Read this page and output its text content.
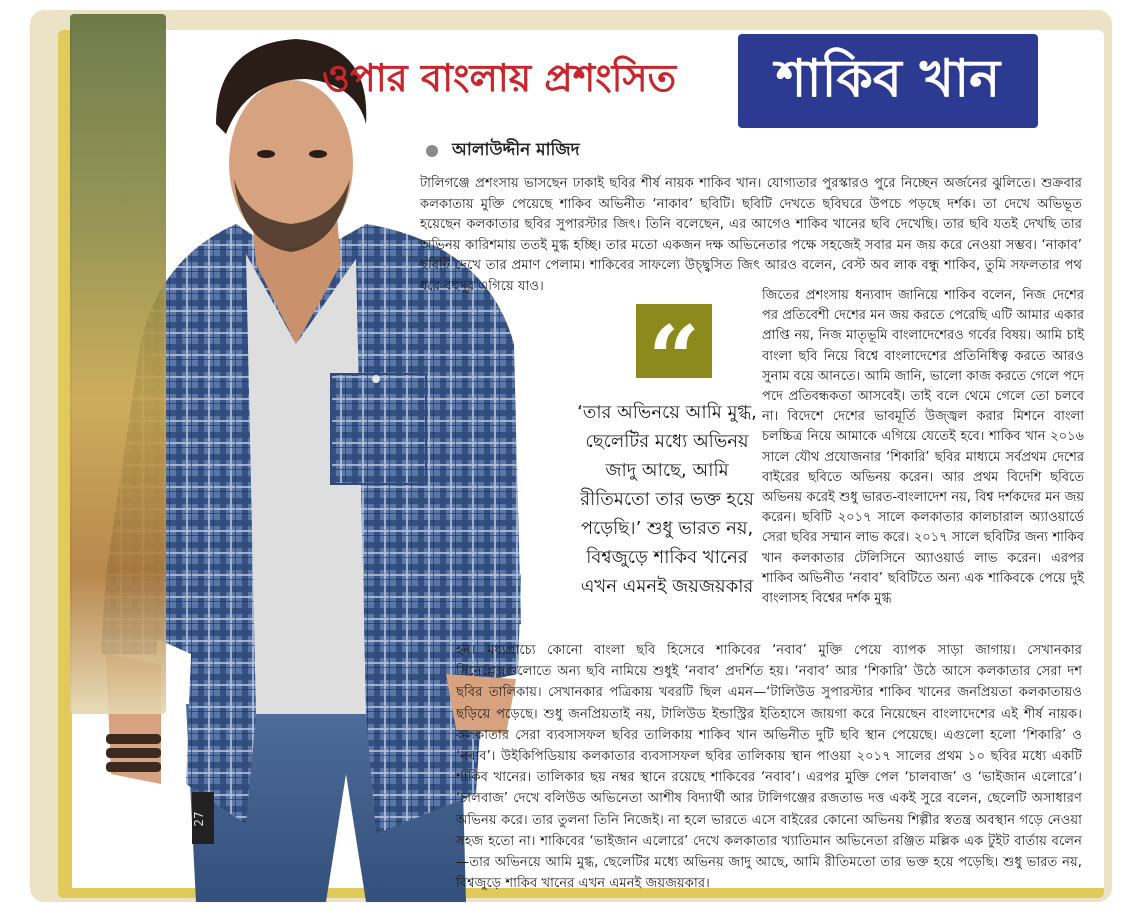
27
ওপার বাংলায় প্রশংসিত	শাকিব খান
আলাউদ্দীন মাজিদ
টালিগঞ্জে প্রশংসায় ভাসছেন ঢাকাই ছবির শীর্ষ নায়ক শাকিব খান। যোগ্যতার পুরস্কারও পুরে নিচ্ছেন অর্জনের ঝুলিতে। শুক্রবার কলকাতায় মুক্তি পেয়েছে শাকিব অভিনীত ‘নাকাব’ ছবিটি। ছবিটি দেখতে ছবিঘরে উপচে পড়ছে দর্শক। তা দেখে অভিভূত হয়েছেন কলকাতার ছবির সুপারস্টার জিৎ। তিনি বলেছেন, এর আগেও শাকিব খানের ছবি দেখেছি। তার ছবি যতই দেখছি তার অভিনয় কারিশমায় ততই মুগ্ধ হচ্ছি। তার মতো একজন দক্ষ অভিনেতার পক্ষে সহজেই সবার মন জয় করে নেওয়া সম্ভব। ‘নাকাব’ ছবিটি দেখে তার প্রমাণ পেলাম। শাকিবের সাফল্যে উচ্ছ্বসিত জিৎ আরও বলেন, বেস্ট অব লাক বন্ধু শাকিব, তুমি সফলতার পথ ধরে বহুদূর এগিয়ে যাও।
জিতের প্রশংসায় ধন্যবাদ জানিয়ে শাকিব বলেন, নিজ দেশের পর প্রতিবেশী দেশের মন জয় করতে পেরেছি এটি আমার একার প্রাপ্তি নয়, নিজ মাতৃভূমি বাংলাদেশেরও গর্বের বিষয়। আমি চাই বাংলা ছবি নিয়ে বিশ্বে বাংলাদেশের প্রতিনিধিত্ব করতে আরও সুনাম বয়ে আনতে। আমি জানি, ভালো কাজ করতে গেলে পদে পদে প্রতিবন্ধকতা আসবেই। তাই বলে থেমে গেলে তো চলবে না। বিদেশে দেশের ভাবমূর্তি উজ্জ্বল করার মিশনে বাংলা চলচ্চিত্র নিয়ে আমাকে এগিয়ে যেতেই হবে। শাকিব খান ২০১৬ সালে যৌথ প্রযোজনার ‘শিকারি’ ছবির মাধ্যমে সর্বপ্রথম দেশের বাইরের ছবিতে অভিনয় করেন। আর প্রথম বিদেশি ছবিতে অভিনয় করেই শুধু ভারত-বাংলাদেশ নয়, বিশ্ব দর্শকদের মন জয় করেন। ছবিটি ২০১৭ সালে কলকাতার কালচারাল অ্যাওয়ার্ডে সেরা ছবির সম্মান লাভ করে। ২০১৭ সালে ছবিটির জন্য শাকিব খান কলকাতার টেলিসিনে অ্যাওয়ার্ড লাভ করেন। এরপর শাকিব অভিনীত ‘নবাব’ ছবিটিতে অন্য এক শাকিবকে পেয়ে দুই বাংলাসহ বিশ্বের দর্শক মুগ্ধ
হন। মধ্যপ্রাচ্যে কোনো বাংলা ছবি হিসেবে শাকিবের ‘নবাব’ মুক্তি পেয়ে ব্যাপক সাড়া জাগায়। সেখানকার সিনেপ্লেক্সগুলোতে অন্য ছবি নামিয়ে শুধুই ‘নবাব’ প্রদর্শিত হয়। ‘নবাব’ আর ‘শিকারি’ উঠে আসে কলকাতার সেরা দশ ছবির তালিকায়। সেখানকার পত্রিকায় খবরটি ছিল এমন—‘টালিউড সুপারস্টার শাকিব খানের জনপ্রিয়তা কলকাতায়ও ছড়িয়ে পড়েছে। শুধু জনপ্রিয়তাই নয়, টালিউড ইন্ডাস্ট্রির ইতিহাসে জায়গা করে নিয়েছেন বাংলাদেশের এই শীর্ষ নায়ক। কলকাতার সেরা ব্যবসাসফল ছবির তালিকায় শাকিব খান অভিনীত দুটি ছবি স্থান পেয়েছে। এগুলো হলো ‘শিকারি’ ও ‘নবাব’। উইকিপিডিয়ায় কলকাতার ব্যবসাসফল ছবির তালিকায় স্থান পাওয়া ২০১৭ সালের প্রথম ১০ ছবির মধ্যে একটি শাকিব খানের। তালিকার ছয় নম্বর স্থানে রয়েছে শাকিবের ‘নবাব’। এরপর মুক্তি পেল ‘চালবাজ’ ও ‘ভাইজান এলোরে’। ‘চালবাজ’ দেখে বলিউড অভিনেতা আশীষ বিদ্যার্থী আর টালিগঞ্জের রজতাভ দত্ত একই সুরে বলেন, ছেলেটি অসাধারণ অভিনয় করে। তার তুলনা তিনি নিজেই। না হলে ভারতে এসে বাইরের কোনো অভিনয় শিল্পীর স্বতন্ত্র অবস্থান গড়ে নেওয়া সহজ হতো না। শাকিবের ‘ভাইজান এলোরে’ দেখে কলকাতার খ্যাতিমান অভিনেতা রঞ্জিত মল্লিক এক টুইট বার্তায় বলেন—তার অভিনয়ে আমি মুগ্ধ, ছেলেটির মধ্যে অভিনয় জাদু আছে, আমি রীতিমতো তার ভক্ত হয়ে পড়েছি। শুধু ভারত নয়, বিশ্বজুড়ে শাকিব খানের এখন এমনই জয়জয়কার।
“
‘তার অভিনয়ে আমি মুগ্ধ, ছেলেটির মধ্যে অভিনয় জাদু আছে, আমি রীতিমতো তার ভক্ত হয়ে পড়েছি।’ শুধু ভারত নয়, বিশ্বজুড়ে শাকিব খানের এখন এমনই জয়জয়কার
